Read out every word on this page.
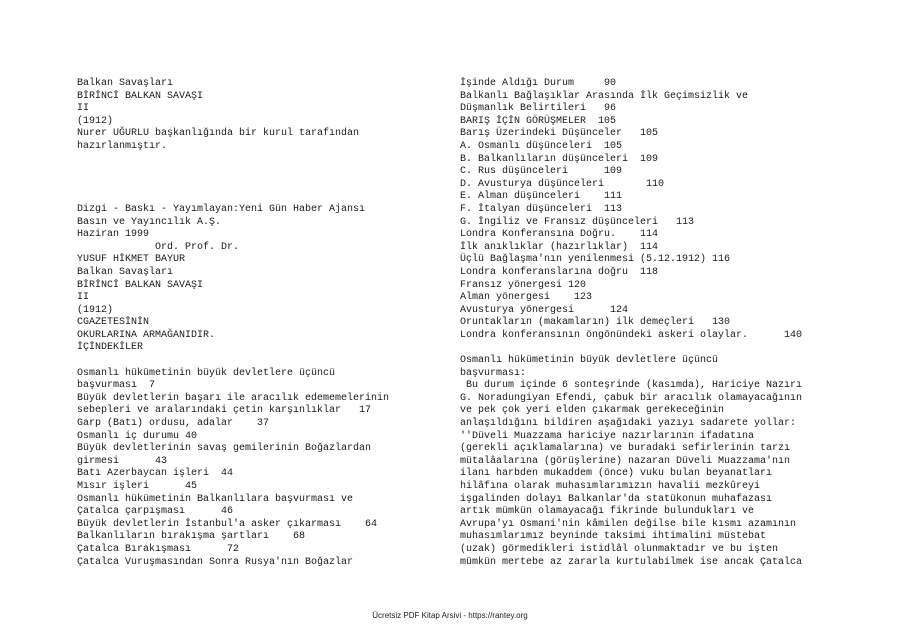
Balkan Savaşları
BİRİNCİ BALKAN SAVAŞI
II
(1912)
Nurer UĞURLU başkanlığında bir kurul tarafından
hazırlanmıştır.
Dizgi - Baskı - Yayımlayan:Yeni Gün Haber Ajansı
Basın ve Yayıncılık A.Ş.
Haziran 1999
Ord. Prof. Dr.
YUSUF HİKMET BAYUR
Balkan Savaşları
BİRİNCİ BALKAN SAVAŞI
II
(1912)
CGAZETESİNİN
OKURLARINA ARMAĞANIDIR.
İÇİNDEKİLER
Osmanlı hükümetinin büyük devletlere üçüncü
başvurması  7
Büyük devletlerin başarı ile aracılık edememelerinin
sebepleri ve aralarındaki çetin karşınlıklar   17
Garp (Batı) ordusu, adalar    37
Osmanlı iç durumu 40
Büyük devletlerinin savaş gemilerinin Boğazlardan
girmesi      43
Batı Azerbaycan işleri  44
Mısır işleri      45
Osmanlı hükümetinin Balkanlılara başvurması ve
Çatalca çarpışması      46
Büyük devletlerin İstanbul'a asker çıkarması    64
Balkanlıların bırakışma şartları    68
Çatalca Bırakışması      72
Çatalca Vuruşmasından Sonra Rusya'nın Boğazlar
İşinde Aldığı Durum     90
Balkanlı Bağlaşıklar Arasında İlk Geçimsizlik ve
Düşmanlık Belirtileri   96
BARIŞ İÇİN GÖRÜŞMELER  105
Barış Üzerindeki Düşünceler   105
A. Osmanlı düşünceleri  105
B. Balkanlıların düşünceleri  109
C. Rus düşünceleri      109
D. Avusturya düşünceleri       110
E. Alman düşünceleri    111
F. İtalyan düşünceleri  113
G. İngiliz ve Fransız düşünceleri   113
Londra Konferansına Doğru.    114
İlk anıklıklar (hazırlıklar)  114
Üçlü Bağlaşma'nın yenilenmesi (5.12.1912) 116
Londra konferanslarına doğru  118
Fransız yönergesi 120
Alman yönergesi    123
Avusturya yönergesi      124
Oruntakların (makamların) ilk demeçleri   130
Londra konferansının öngönündeki askeri olaylar.      140
Osmanlı hükümetinin büyük devletlere üçüncü
başvurması:
Bu durum içinde 6 sonteşrinde (kasımda), Hariciye Nazırı
G. Noradungiyan Efendi, çabuk bir aracılık olamayacağının
ve pek çok yeri elden çıkarmak gerekeceğinin
anlaşıldığını bildiren aşağıdaki yazıyı sadarete yollar:
''Düveli Muazzama hariciye nazırlarının ifadatına
(gerekli açıklamalarına) ve buradaki sefirlerinin tarzı
mütalâalarına (görüşlerine) nazaran Düveli Muazzama'nın
ilanı harbden mukaddem (önce) vuku bulan beyanatları
hilâfına olarak muhasımlarımızın havalii mezkûreyi
işgalinden dolayı Balkanlar'da statükonun muhafazası
artık mümkün olamayacağı fikrinde bulundukları ve
Avrupa'yı Osmani'nin kâmilen değilse bile kısmı azamının
muhasımlarımız beyninde taksimi ihtimalini müstebat
(uzak) görmedikleri istidlâl olunmaktadır ve bu işten
mümkün mertebe az zararla kurtulabilmek ise ancak Çatalca
Ücretsiz PDF Kitap Arsivi - https://rantey.org
